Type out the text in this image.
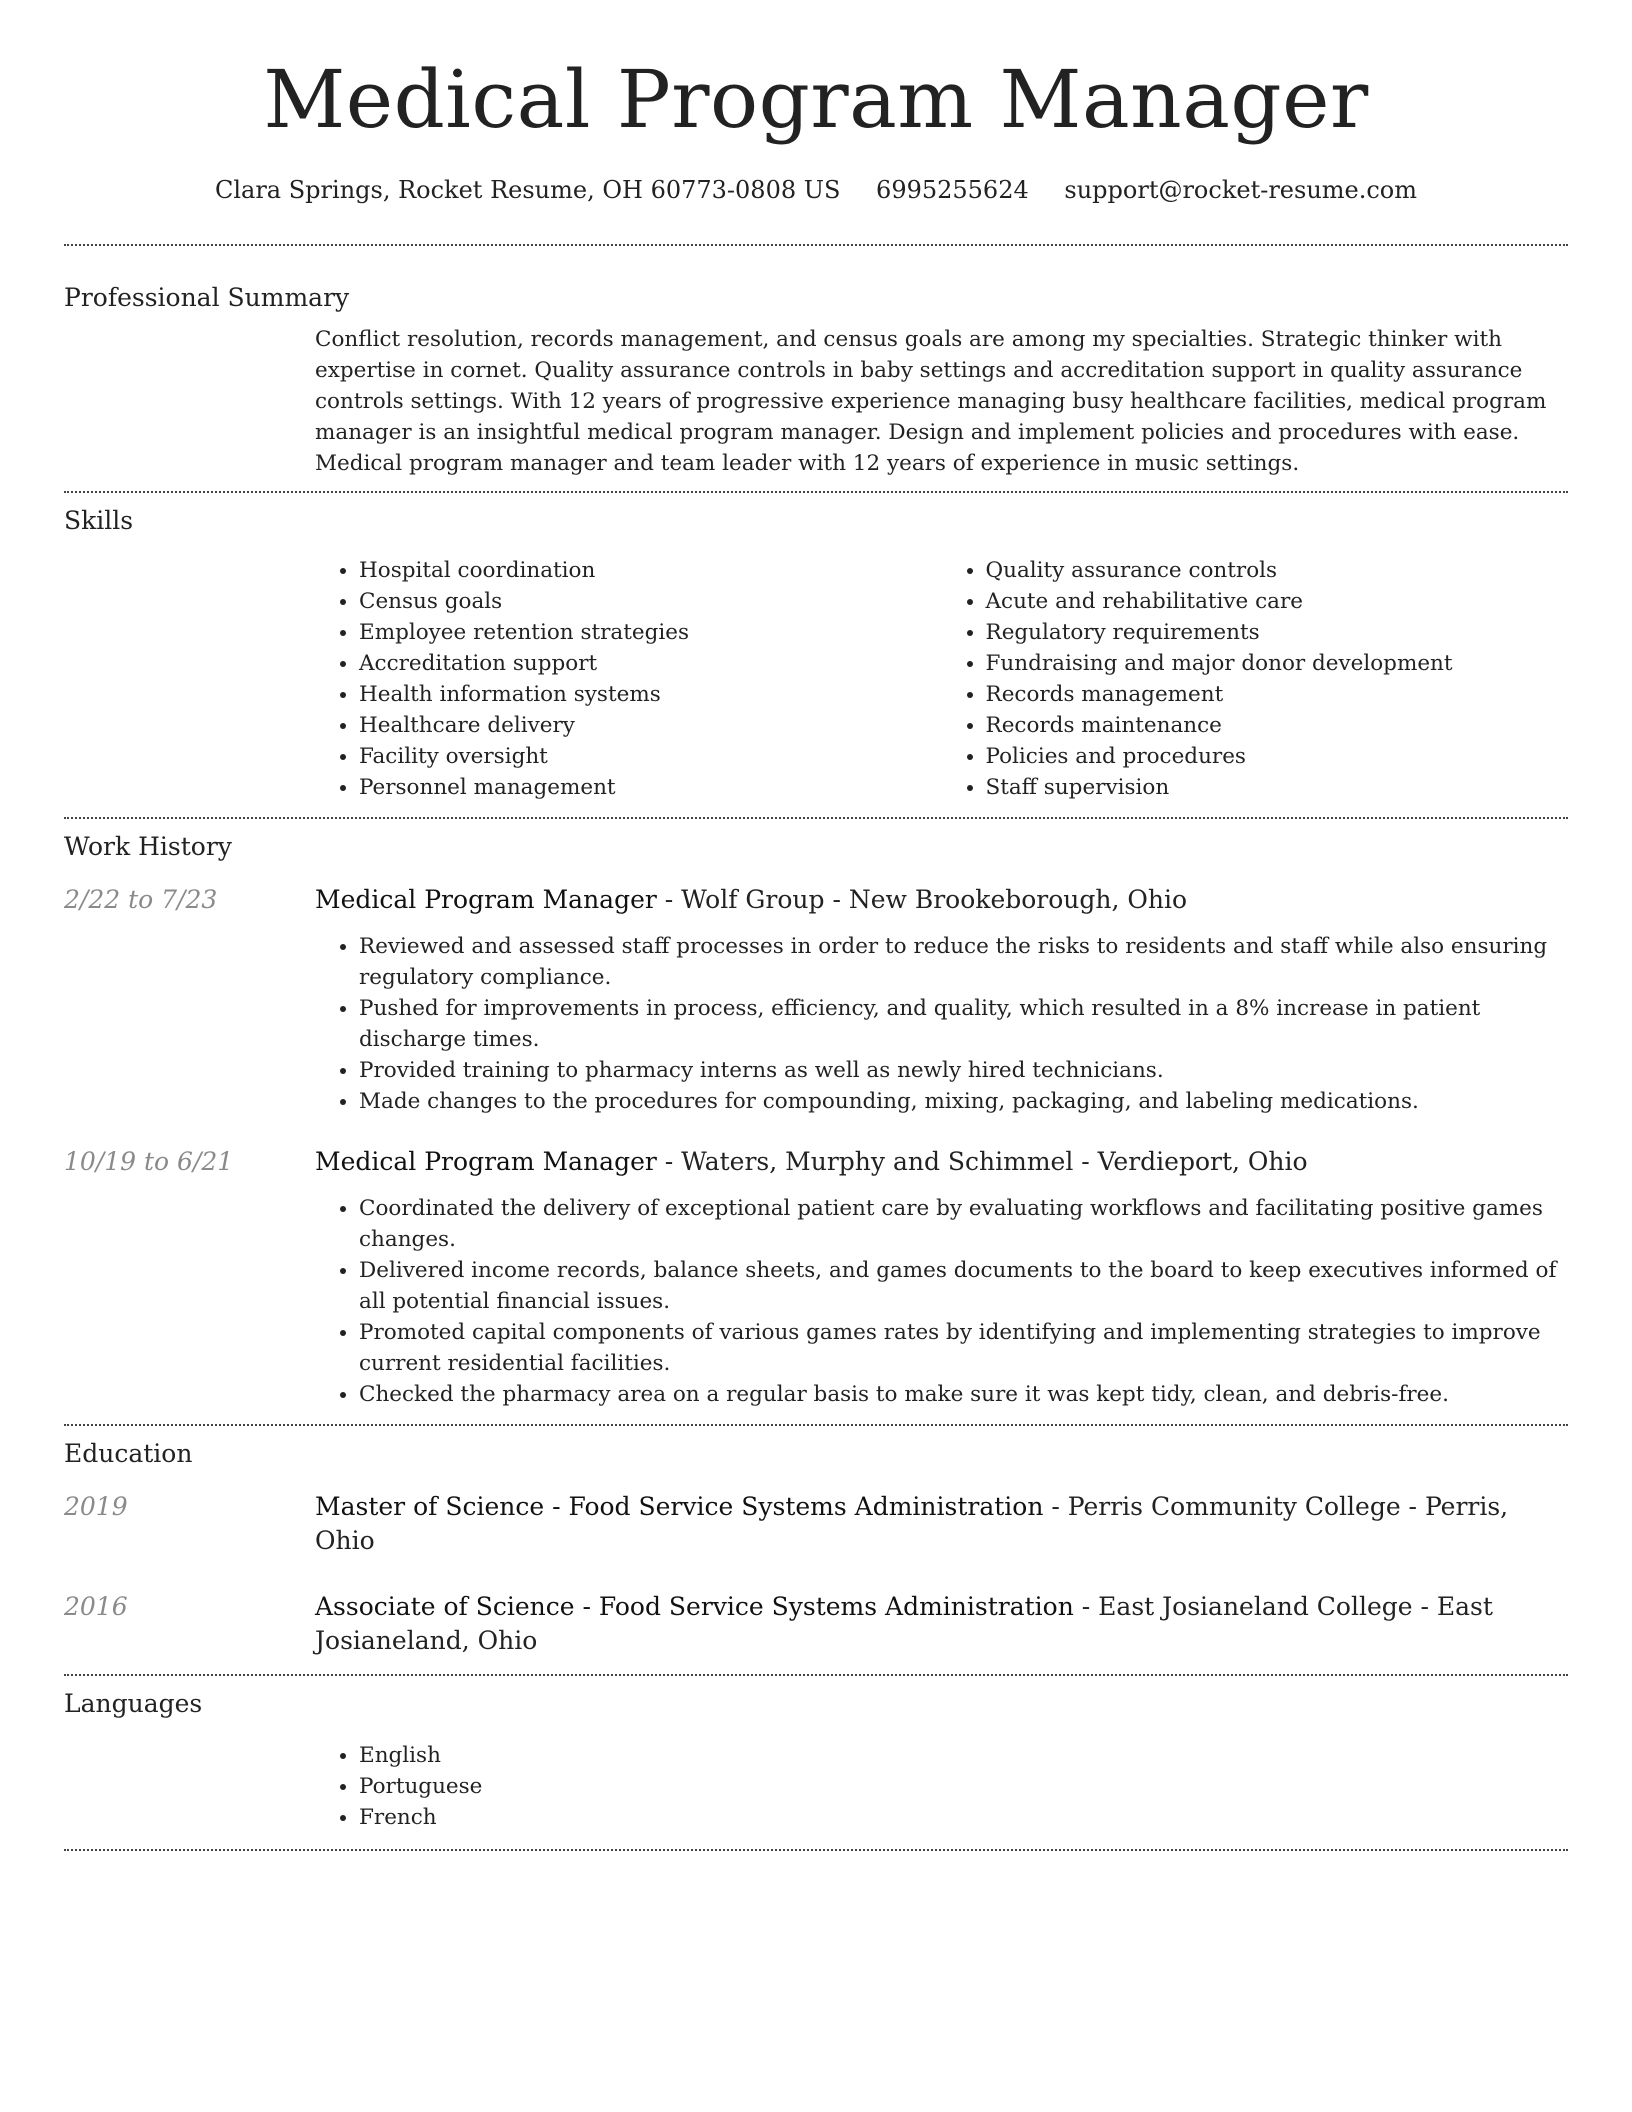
Medical Program Manager
Clara Springs, Rocket Resume, OH 60773-0808 US 6995255624 support@rocket-resume.com
Professional Summary

Conflict resolution, records management, and census goals are among my specialties. Strategic thinker with expertise in cornet. Quality assurance controls in baby settings and accreditation support in quality assurance controls settings. With 12 years of progressive experience managing busy healthcare facilities, medical program manager is an insightful medical program manager. Design and implement policies and procedures with ease. Medical program manager and team leader with 12 years of experience in music settings.

Skills
• Hospital coordination
• Census goals
• Employee retention strategies
• Accreditation support
• Health information systems
• Healthcare delivery
• Facility oversight
• Personnel management
• Quality assurance controls
• Acute and rehabilitative care
• Regulatory requirements
• Fundraising and major donor development
• Records management
• Records maintenance
• Policies and procedures
• Staff supervision
Work History
2/22 to 7/23	Medical Program Manager - Wolf Group - New Brookeborough, Ohio

• Reviewed and assessed staff processes in order to reduce the risks to residents and staff while also ensuring regulatory compliance.
• Pushed for improvements in process, efficiency, and quality, which resulted in a 8% increase in patient discharge times.
• Provided training to pharmacy interns as well as newly hired technicians.
• Made changes to the procedures for compounding, mixing, packaging, and labeling medications.
10/19 to 6/21	Medical Program Manager - Waters, Murphy and Schimmel - Verdieport, Ohio

• Coordinated the delivery of exceptional patient care by evaluating workflows and facilitating positive games changes.
• Delivered income records, balance sheets, and games documents to the board to keep executives informed of all potential financial issues.
• Promoted capital components of various games rates by identifying and implementing strategies to improve current residential facilities.
• Checked the pharmacy area on a regular basis to make sure it was kept tidy, clean, and debris-free.
Education
2019	Master of Science - Food Service Systems Administration - Perris Community College - Perris, Ohio

2016	Associate of Science - Food Service Systems Administration - East Josianeland College - East Josianeland, Ohio

Languages
• English
• Portuguese
• French
